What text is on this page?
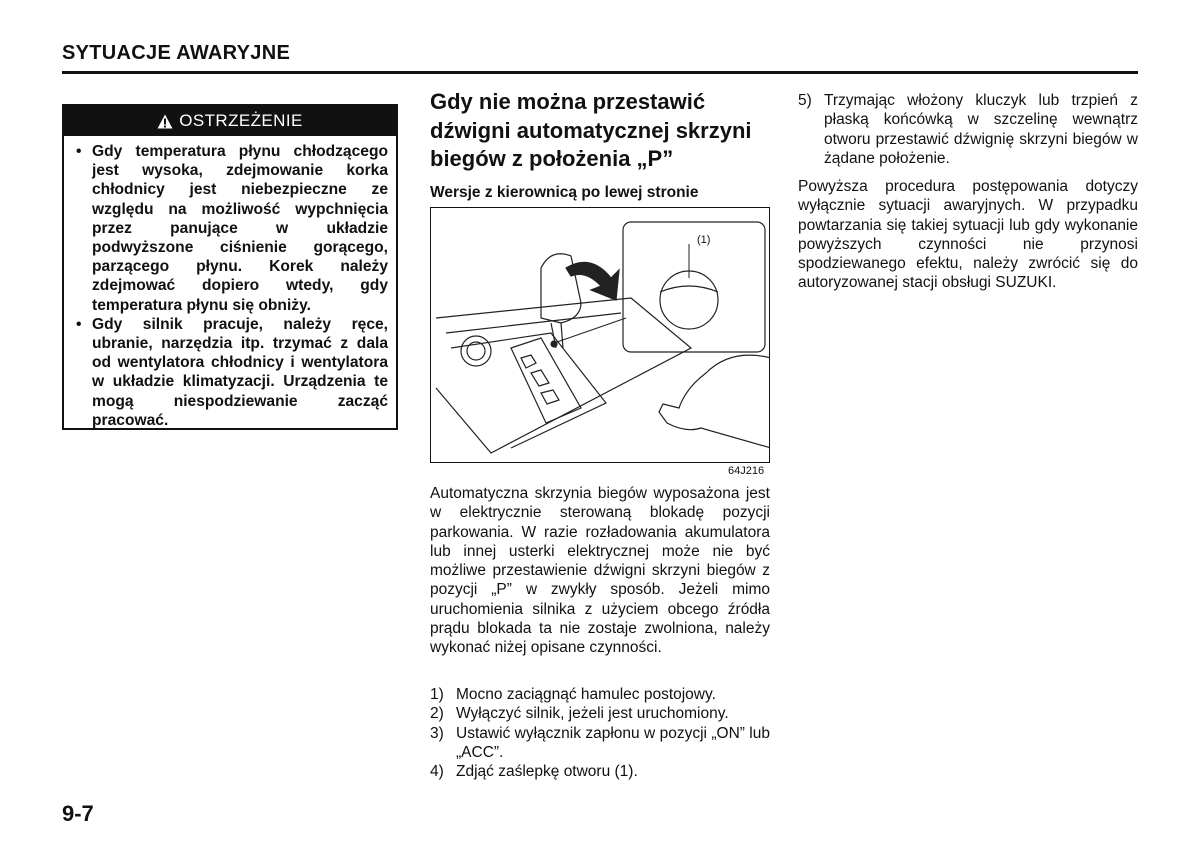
SYTUACJE AWARYJNE
OSTRZEŻENIE
• Gdy temperatura płynu chłodzącego jest wysoka, zdejmowanie korka chłodnicy jest niebezpieczne ze względu na możliwość wypchnięcia przez panujące w układzie podwyższone ciśnienie gorącego, parzącego płynu. Korek należy zdejmować dopiero wtedy, gdy temperatura płynu się obniży.
• Gdy silnik pracuje, należy ręce, ubranie, narzędzia itp. trzymać z dala od wentylatora chłodnicy i wentylatora w układzie klimatyzacji. Urządzenia te mogą niespodziewanie zacząć pracować.
Gdy nie można przestawić dźwigni automatycznej skrzyni biegów z położenia „P”
Wersje z kierownicą po lewej stronie
(1)
64J216

Automatyczna skrzynia biegów wyposażona jest w elektrycznie sterowaną blokadę pozycji parkowania. W razie rozładowania akumulatora lub innej usterki elektrycznej może nie być możliwe przestawienie dźwigni skrzyni biegów z pozycji „P” w zwykły sposób. Jeżeli mimo uruchomienia silnika z użyciem obcego źródła prądu blokada ta nie zostaje zwolniona, należy wykonać niżej opisane czynności.

1) Mocno zaciągnąć hamulec postojowy.
2) Wyłączyć silnik, jeżeli jest uruchomiony.
3) Ustawić wyłącznik zapłonu w pozycji „ON” lub „ACC”.
4) Zdjąć zaślepkę otworu (1).
5) Trzymając włożony kluczyk lub trzpień z płaską końcówką w szczelinę wewnątrz otworu przestawić dźwignię skrzyni biegów w żądane położenie.

Powyższa procedura postępowania dotyczy wyłącznie sytuacji awaryjnych. W przypadku powtarzania się takiej sytuacji lub gdy wykonanie powyższych czynności nie przynosi spodziewanego efektu, należy zwrócić się do autoryzowanej stacji obsługi SUZUKI.

9-7
